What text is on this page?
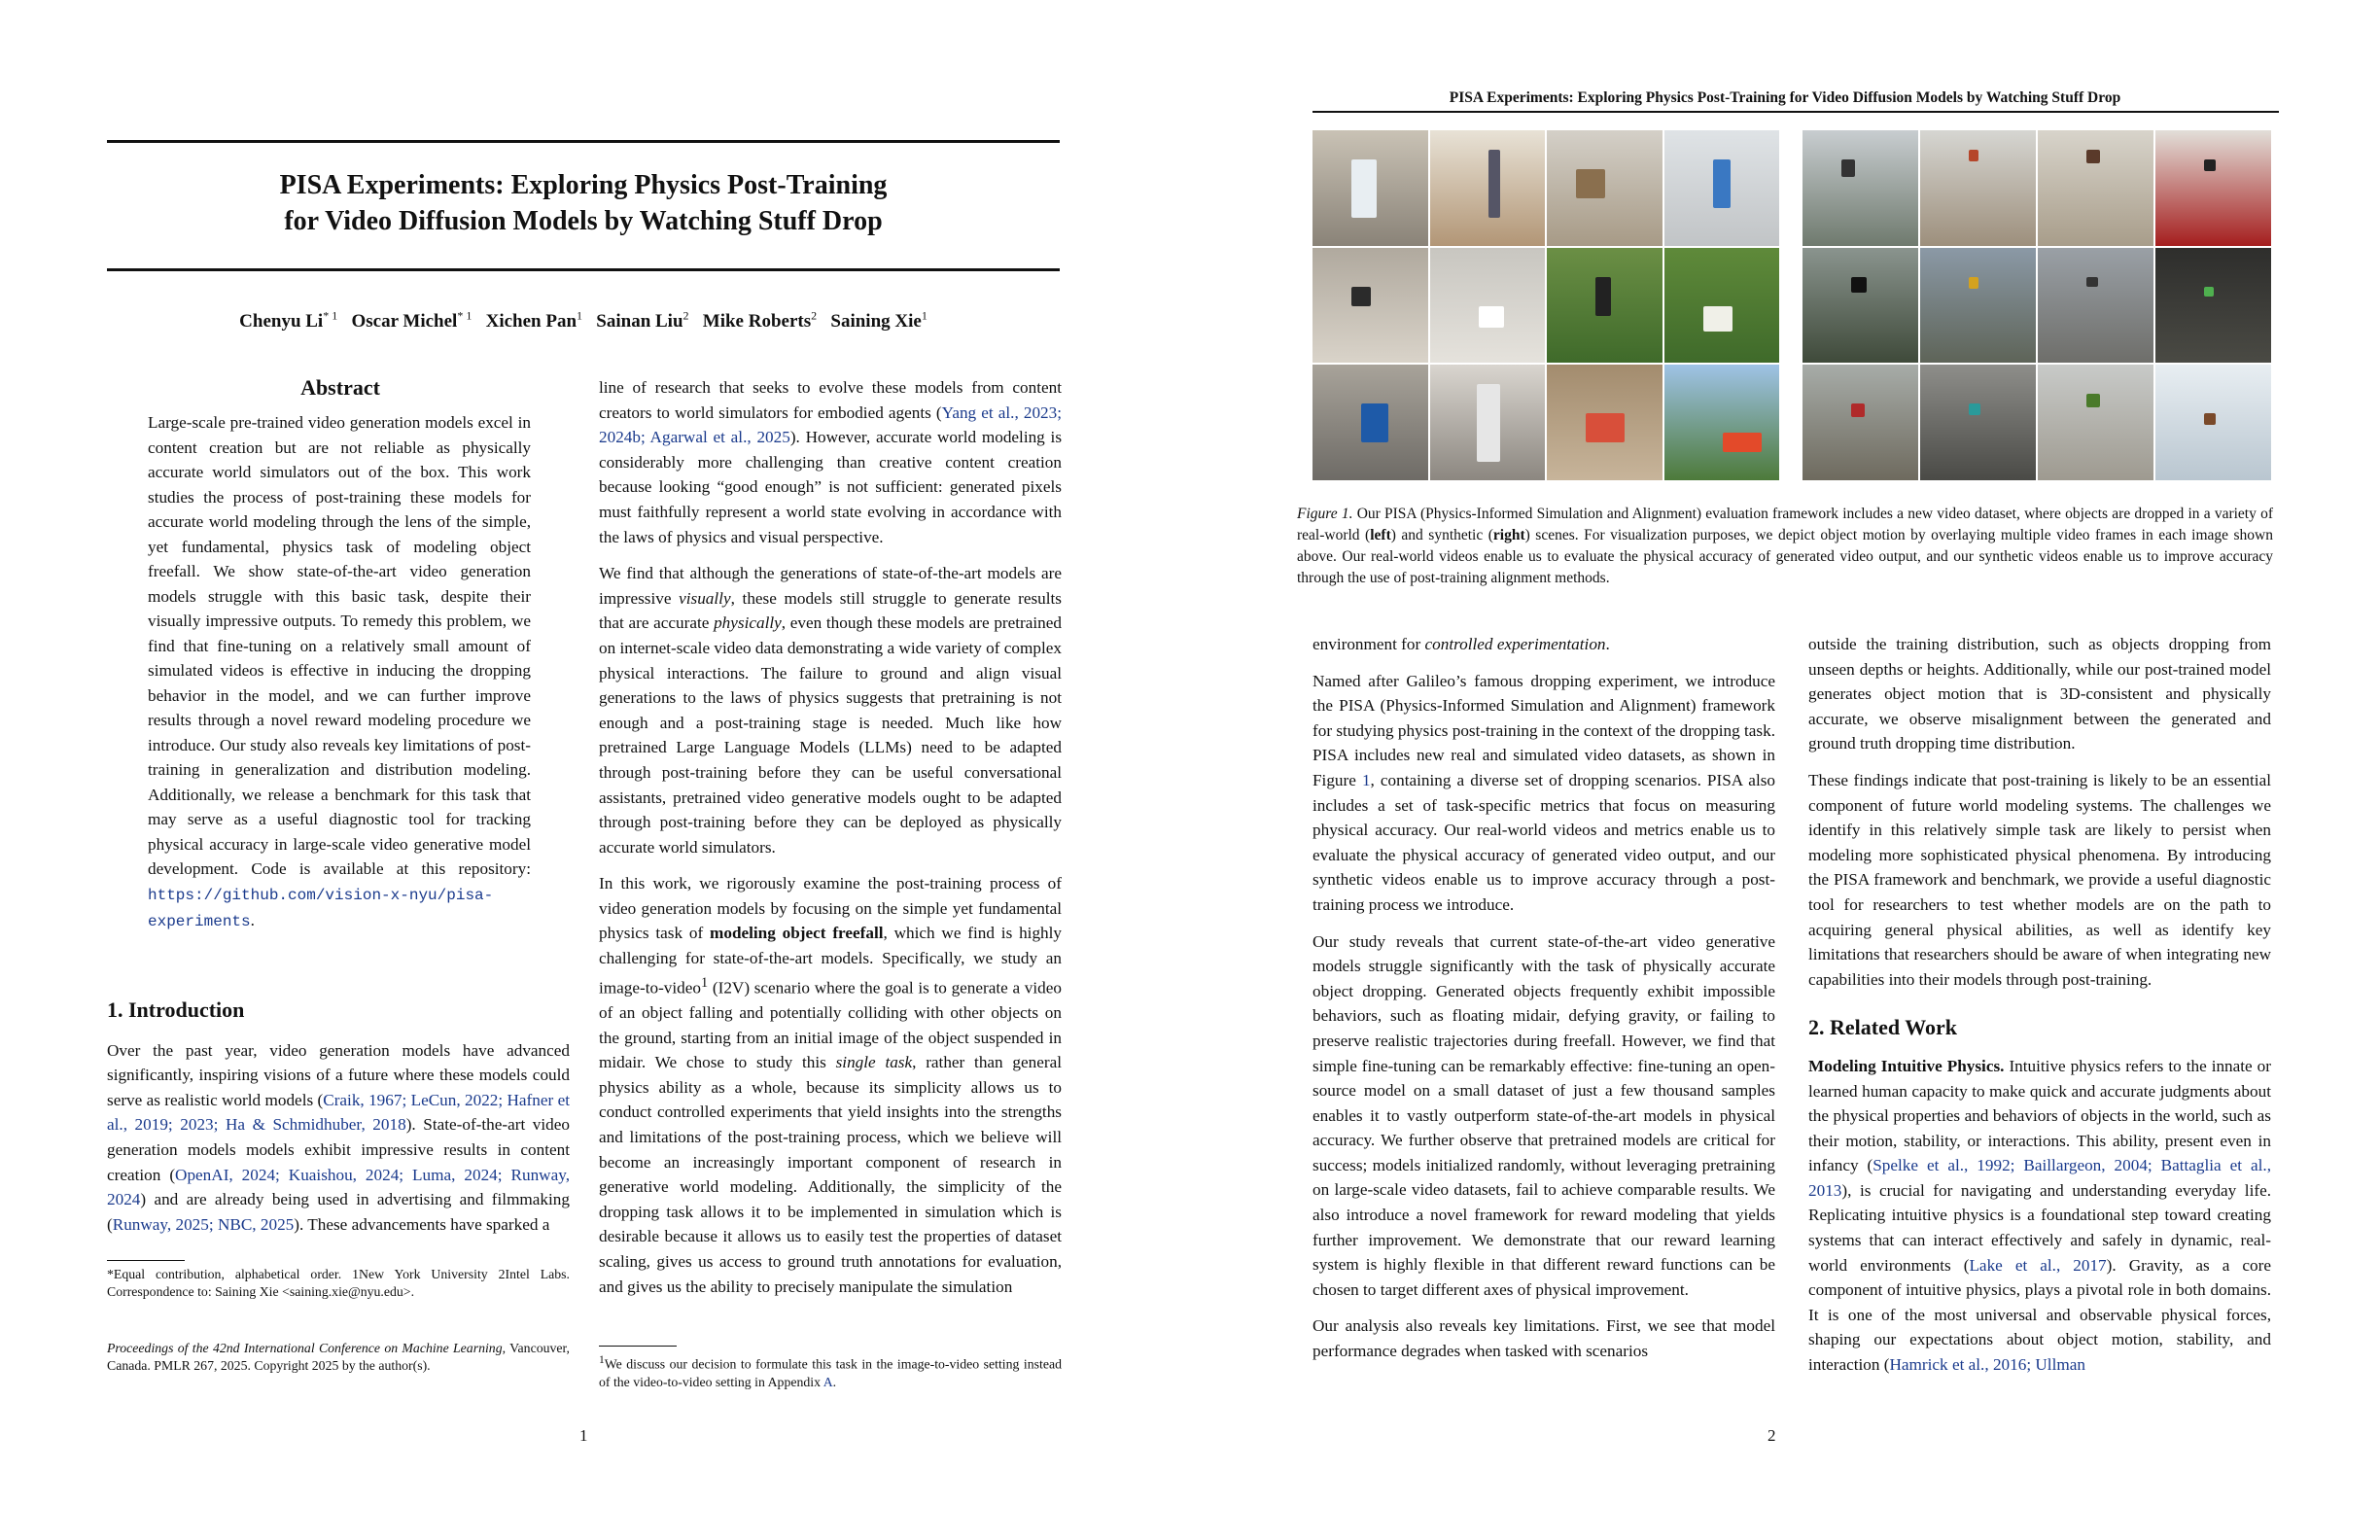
PISA Experiments: Exploring Physics Post-Training
for Video Diffusion Models by Watching Stuff Drop
Chenyu Li$^{* 1}$ Oscar Michel$^{* 1}$ Xichen Pan$^1$ Sainan Liu$^2$ Mike Roberts$^2$ Saining Xie$^1$
Abstract
Large-scale pre-trained video generation models excel in content creation but are not reliable as physically accurate world simulators out of the box. This work studies the process of post-training these models for accurate world modeling through the lens of the simple, yet fundamental, physics task of modeling object freefall. We show state-of-the-art video generation models struggle with this basic task, despite their visually impressive outputs. To remedy this problem, we find that fine-tuning on a relatively small amount of simulated videos is effective in inducing the dropping behavior in the model, and we can further improve results through a novel reward modeling procedure we introduce. Our study also reveals key limitations of post-training in generalization and distribution modeling. Additionally, we release a benchmark for this task that may serve as a useful diagnostic tool for tracking physical accuracy in large-scale video generative model development. Code is available at this repository: https://github.com/vision-x-nyu/pisa-experiments.

1. Introduction

Over the past year, video generation models have advanced significantly, inspiring visions of a future where these models could serve as realistic world models (Craik, 1967; LeCun, 2022; Hafner et al., 2019; 2023; Ha & Schmidhuber, 2018). State-of-the-art video generation models models exhibit impressive results in content creation (OpenAI, 2024; Kuaishou, 2024; Luma, 2024; Runway, 2024) and are already being used in advertising and filmmaking (Runway, 2025; NBC, 2025). These advancements have sparked a

*Equal contribution, alphabetical order. 1New York University 2Intel Labs. Correspondence to: Saining Xie <saining.xie@nyu.edu>.
Proceedings of the 42nd International Conference on Machine Learning, Vancouver, Canada. PMLR 267, 2025. Copyright 2025 by the author(s).

line of research that seeks to evolve these models from content creators to world simulators for embodied agents (Yang et al., 2023; 2024b; Agarwal et al., 2025). However, accurate world modeling is considerably more challenging than creative content creation because looking “good enough” is not sufficient: generated pixels must faithfully represent a world state evolving in accordance with the laws of physics and visual perspective.

We find that although the generations of state-of-the-art models are impressive visually, these models still struggle to generate results that are accurate physically, even though these models are pretrained on internet-scale video data demonstrating a wide variety of complex physical interactions. The failure to ground and align visual generations to the laws of physics suggests that pretraining is not enough and a post-training stage is needed. Much like how pretrained Large Language Models (LLMs) need to be adapted through post-training before they can be useful conversational assistants, pretrained video generative models ought to be adapted through post-training before they can be deployed as physically accurate world simulators.

In this work, we rigorously examine the post-training process of video generation models by focusing on the simple yet fundamental physics task of modeling object freefall, which we find is highly challenging for state-of-the-art models. Specifically, we study an image-to-video$^1$ (I2V) scenario where the goal is to generate a video of an object falling and potentially colliding with other objects on the ground, starting from an initial image of the object suspended in midair. We chose to study this single task, rather than general physics ability as a whole, because its simplicity allows us to conduct controlled experiments that yield insights into the strengths and limitations of the post-training process, which we believe will become an increasingly important component of research in generative world modeling. Additionally, the simplicity of the dropping task allows it to be implemented in simulation which is desirable because it allows us to easily test the properties of dataset scaling, gives us access to ground truth annotations for evaluation, and gives us the ability to precisely manipulate the simulation

$^1$We discuss our decision to formulate this task in the image-to-video setting instead of the video-to-video setting in Appendix A.
1
PISA Experiments: Exploring Physics Post-Training for Video Diffusion Models by Watching Stuff Drop
Figure 1. Our PISA (Physics-Informed Simulation and Alignment) evaluation framework includes a new video dataset, where objects are dropped in a variety of real-world (left) and synthetic (right) scenes. For visualization purposes, we depict object motion by overlaying multiple video frames in each image shown above. Our real-world videos enable us to evaluate the physical accuracy of generated video output, and our synthetic videos enable us to improve accuracy through the use of post-training alignment methods.

environment for controlled experimentation.

Named after Galileo’s famous dropping experiment, we introduce the PISA (Physics-Informed Simulation and Alignment) framework for studying physics post-training in the context of the dropping task. PISA includes new real and simulated video datasets, as shown in Figure 1, containing a diverse set of dropping scenarios. PISA also includes a set of task-specific metrics that focus on measuring physical accuracy. Our real-world videos and metrics enable us to evaluate the physical accuracy of generated video output, and our synthetic videos enable us to improve accuracy through a post-training process we introduce.

Our study reveals that current state-of-the-art video generative models struggle significantly with the task of physically accurate object dropping. Generated objects frequently exhibit impossible behaviors, such as floating midair, defying gravity, or failing to preserve realistic trajectories during freefall. However, we find that simple fine-tuning can be remarkably effective: fine-tuning an open-source model on a small dataset of just a few thousand samples enables it to vastly outperform state-of-the-art models in physical accuracy. We further observe that pretrained models are critical for success; models initialized randomly, without leveraging pretraining on large-scale video datasets, fail to achieve comparable results. We also introduce a novel framework for reward modeling that yields further improvement. We demonstrate that our reward learning system is highly flexible in that different reward functions can be chosen to target different axes of physical improvement.

Our analysis also reveals key limitations. First, we see that model performance degrades when tasked with scenarios

outside the training distribution, such as objects dropping from unseen depths or heights. Additionally, while our post-trained model generates object motion that is 3D-consistent and physically accurate, we observe misalignment between the generated and ground truth dropping time distribution.

These findings indicate that post-training is likely to be an essential component of future world modeling systems. The challenges we identify in this relatively simple task are likely to persist when modeling more sophisticated physical phenomena. By introducing the PISA framework and benchmark, we provide a useful diagnostic tool for researchers to test whether models are on the path to acquiring general physical abilities, as well as identify key limitations that researchers should be aware of when integrating new capabilities into their models through post-training.

2. Related Work

Modeling Intuitive Physics. Intuitive physics refers to the innate or learned human capacity to make quick and accurate judgments about the physical properties and behaviors of objects in the world, such as their motion, stability, or interactions. This ability, present even in infancy (Spelke et al., 1992; Baillargeon, 2004; Battaglia et al., 2013), is crucial for navigating and understanding everyday life. Replicating intuitive physics is a foundational step toward creating systems that can interact effectively and safely in dynamic, real-world environments (Lake et al., 2017). Gravity, as a core component of intuitive physics, plays a pivotal role in both domains. It is one of the most universal and observable physical forces, shaping our expectations about object motion, stability, and interaction (Hamrick et al., 2016; Ullman

2
